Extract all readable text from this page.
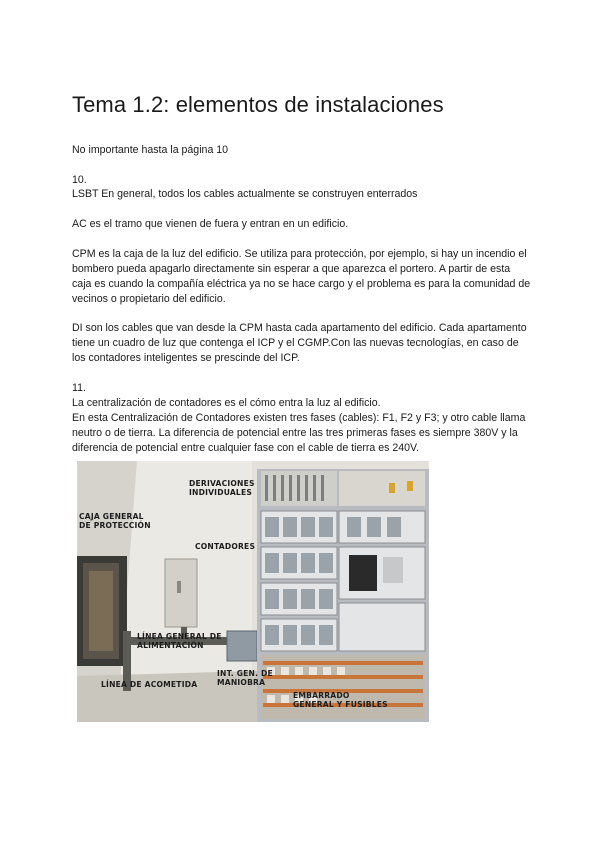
Tema 1.2: elementos de instalaciones
No importante hasta la página 10
10.
LSBT En general, todos los cables actualmente se construyen enterrados
AC es el tramo que vienen de fuera y entran en un edificio.
CPM es la caja de la luz del edificio. Se utiliza para protección, por ejemplo, si hay un incendio el bombero pueda apagarlo directamente sin esperar a que aparezca el portero. A partir de esta caja es cuando la compañía eléctrica ya no se hace cargo y el problema es para la comunidad de vecinos o propietario del edificio.
DI son los cables que van desde la CPM hasta cada apartamento del edificio. Cada apartamento tiene un cuadro de luz que contenga el ICP y el CGMP.Con las nuevas tecnologías, en caso de los contadores inteligentes se prescinde del ICP.
11.
La centralización de contadores es el cómo entra la luz al edificio.
En esta Centralización de Contadores existen tres fases (cables): F1, F2 y F3; y otro cable llama neutro o de tierra. La diferencia de potencial entre las tres primeras fases es siempre 380V y la diferencia de potencial entre cualquier fase con el cable de tierra es 240V.
DERIVACIONES
INDIVIDUALES
CAJA GENERAL
DE PROTECCIÓN
CONTADORES
LÍNEA GENERAL DE
ALIMENTACIÓN
INT. GEN. DE
MANIOBRA
LÍNEA DE ACOMETIDA
EMBARRADO
GENERAL Y FUSIBLES
